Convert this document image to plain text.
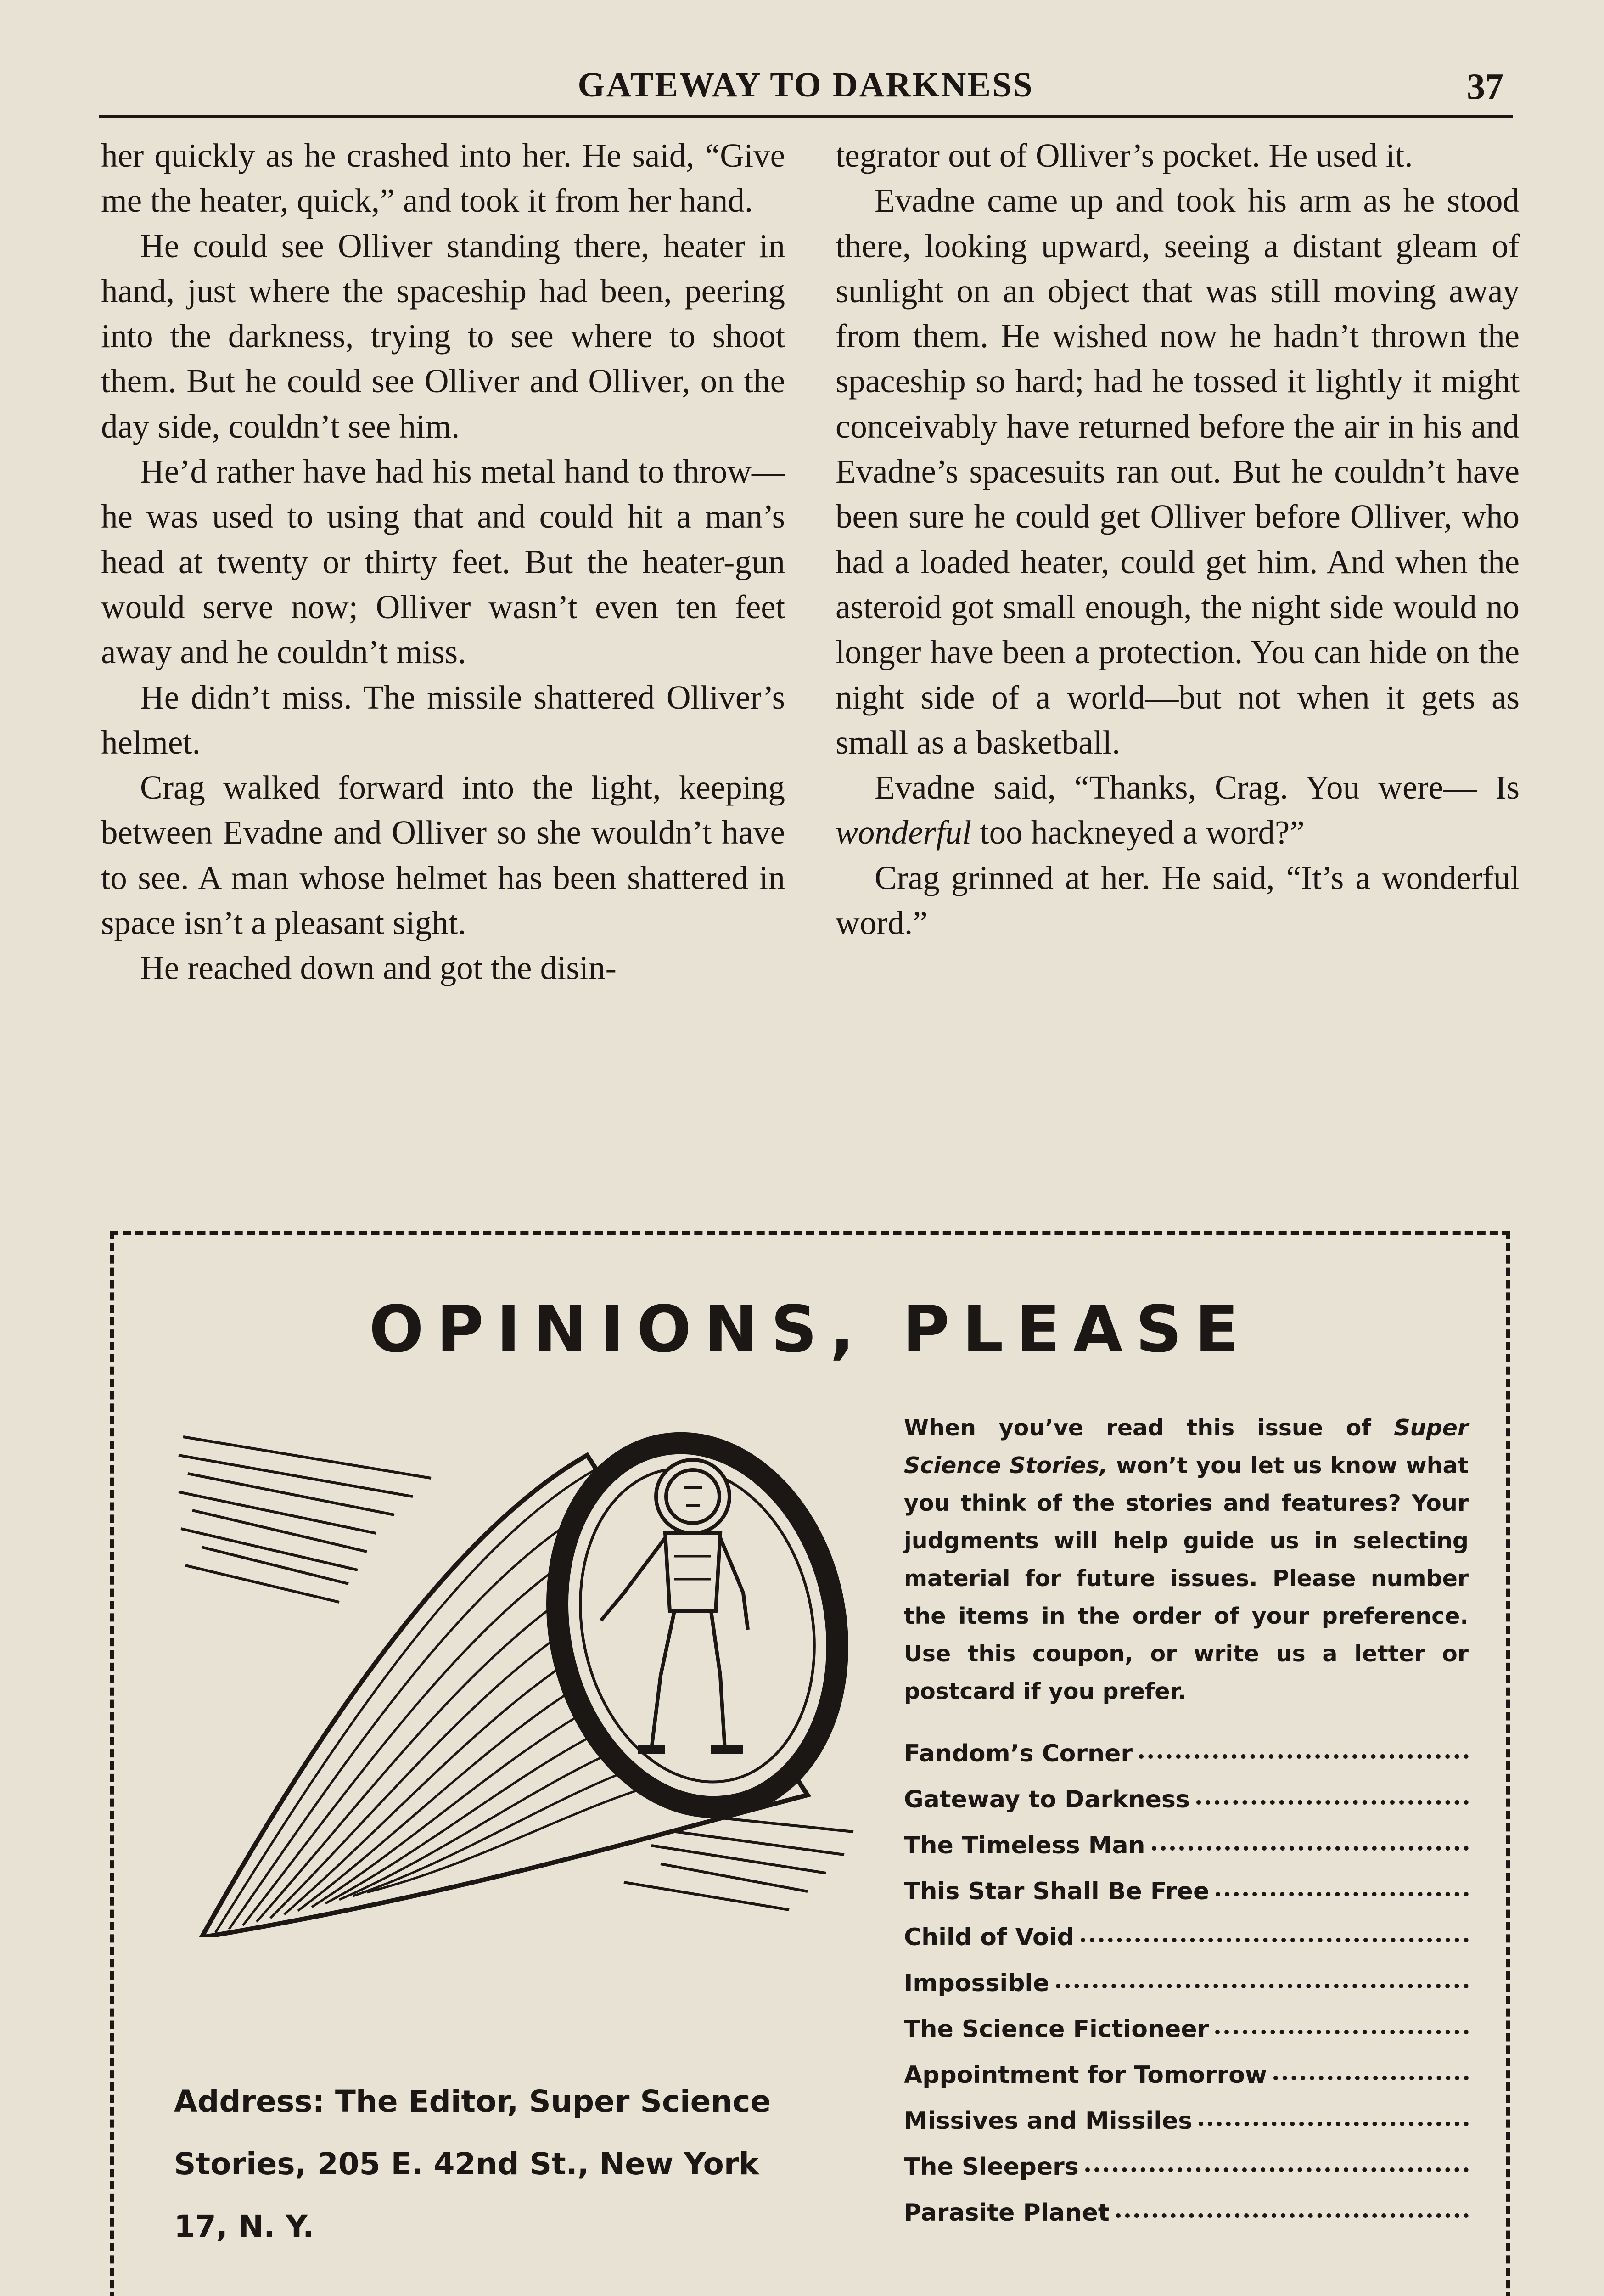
GATEWAY TO DARKNESS	37

her quickly as he crashed into her. He said, “Give me the heater, quick,” and took it from her hand.

He could see Olliver standing there, heater in hand, just where the spaceship had been, peering into the darkness, trying to see where to shoot them. But he could see Olliver and Olliver, on the day side, couldn’t see him.

He’d rather have had his metal hand to throw—he was used to using that and could hit a man’s head at twenty or thirty feet. But the heater-gun would serve now; Olliver wasn’t even ten feet away and he couldn’t miss.

He didn’t miss. The missile shattered Olliver’s helmet.

Crag walked forward into the light, keeping between Evadne and Olliver so she wouldn’t have to see. A man whose helmet has been shattered in space isn’t a pleasant sight.

He reached down and got the disin-

tegrator out of Olliver’s pocket. He used it.

Evadne came up and took his arm as he stood there, looking upward, seeing a distant gleam of sunlight on an object that was still moving away from them. He wished now he hadn’t thrown the spaceship so hard; had he tossed it lightly it might conceivably have returned before the air in his and Evadne’s spacesuits ran out. But he couldn’t have been sure he could get Olliver before Olliver, who had a loaded heater, could get him. And when the asteroid got small enough, the night side would no longer have been a protection. You can hide on the night side of a world—but not when it gets as small as a basketball.

Evadne said, “Thanks, Crag. You were— Is wonderful too hackneyed a word?”

Crag grinned at her. He said, “It’s a wonderful word.”

OPINIONS, PLEASE
When you’ve read this issue of Super Science Stories, won’t you let us know what you think of the stories and features? Your judgments will help guide us in selecting material for future issues. Please number the items in the order of your preference. Use this coupon, or write us a letter or postcard if you prefer.
Fandom’s Corner
Gateway to Darkness
The Timeless Man
This Star Shall Be Free
Child of Void
Impossible
The Science Fictioneer
Appointment for Tomorrow
Missives and Missiles
The Sleepers
Parasite Planet
Address: The Editor, Super Science
Stories, 205 E. 42nd St., New York
17, N. Y.
